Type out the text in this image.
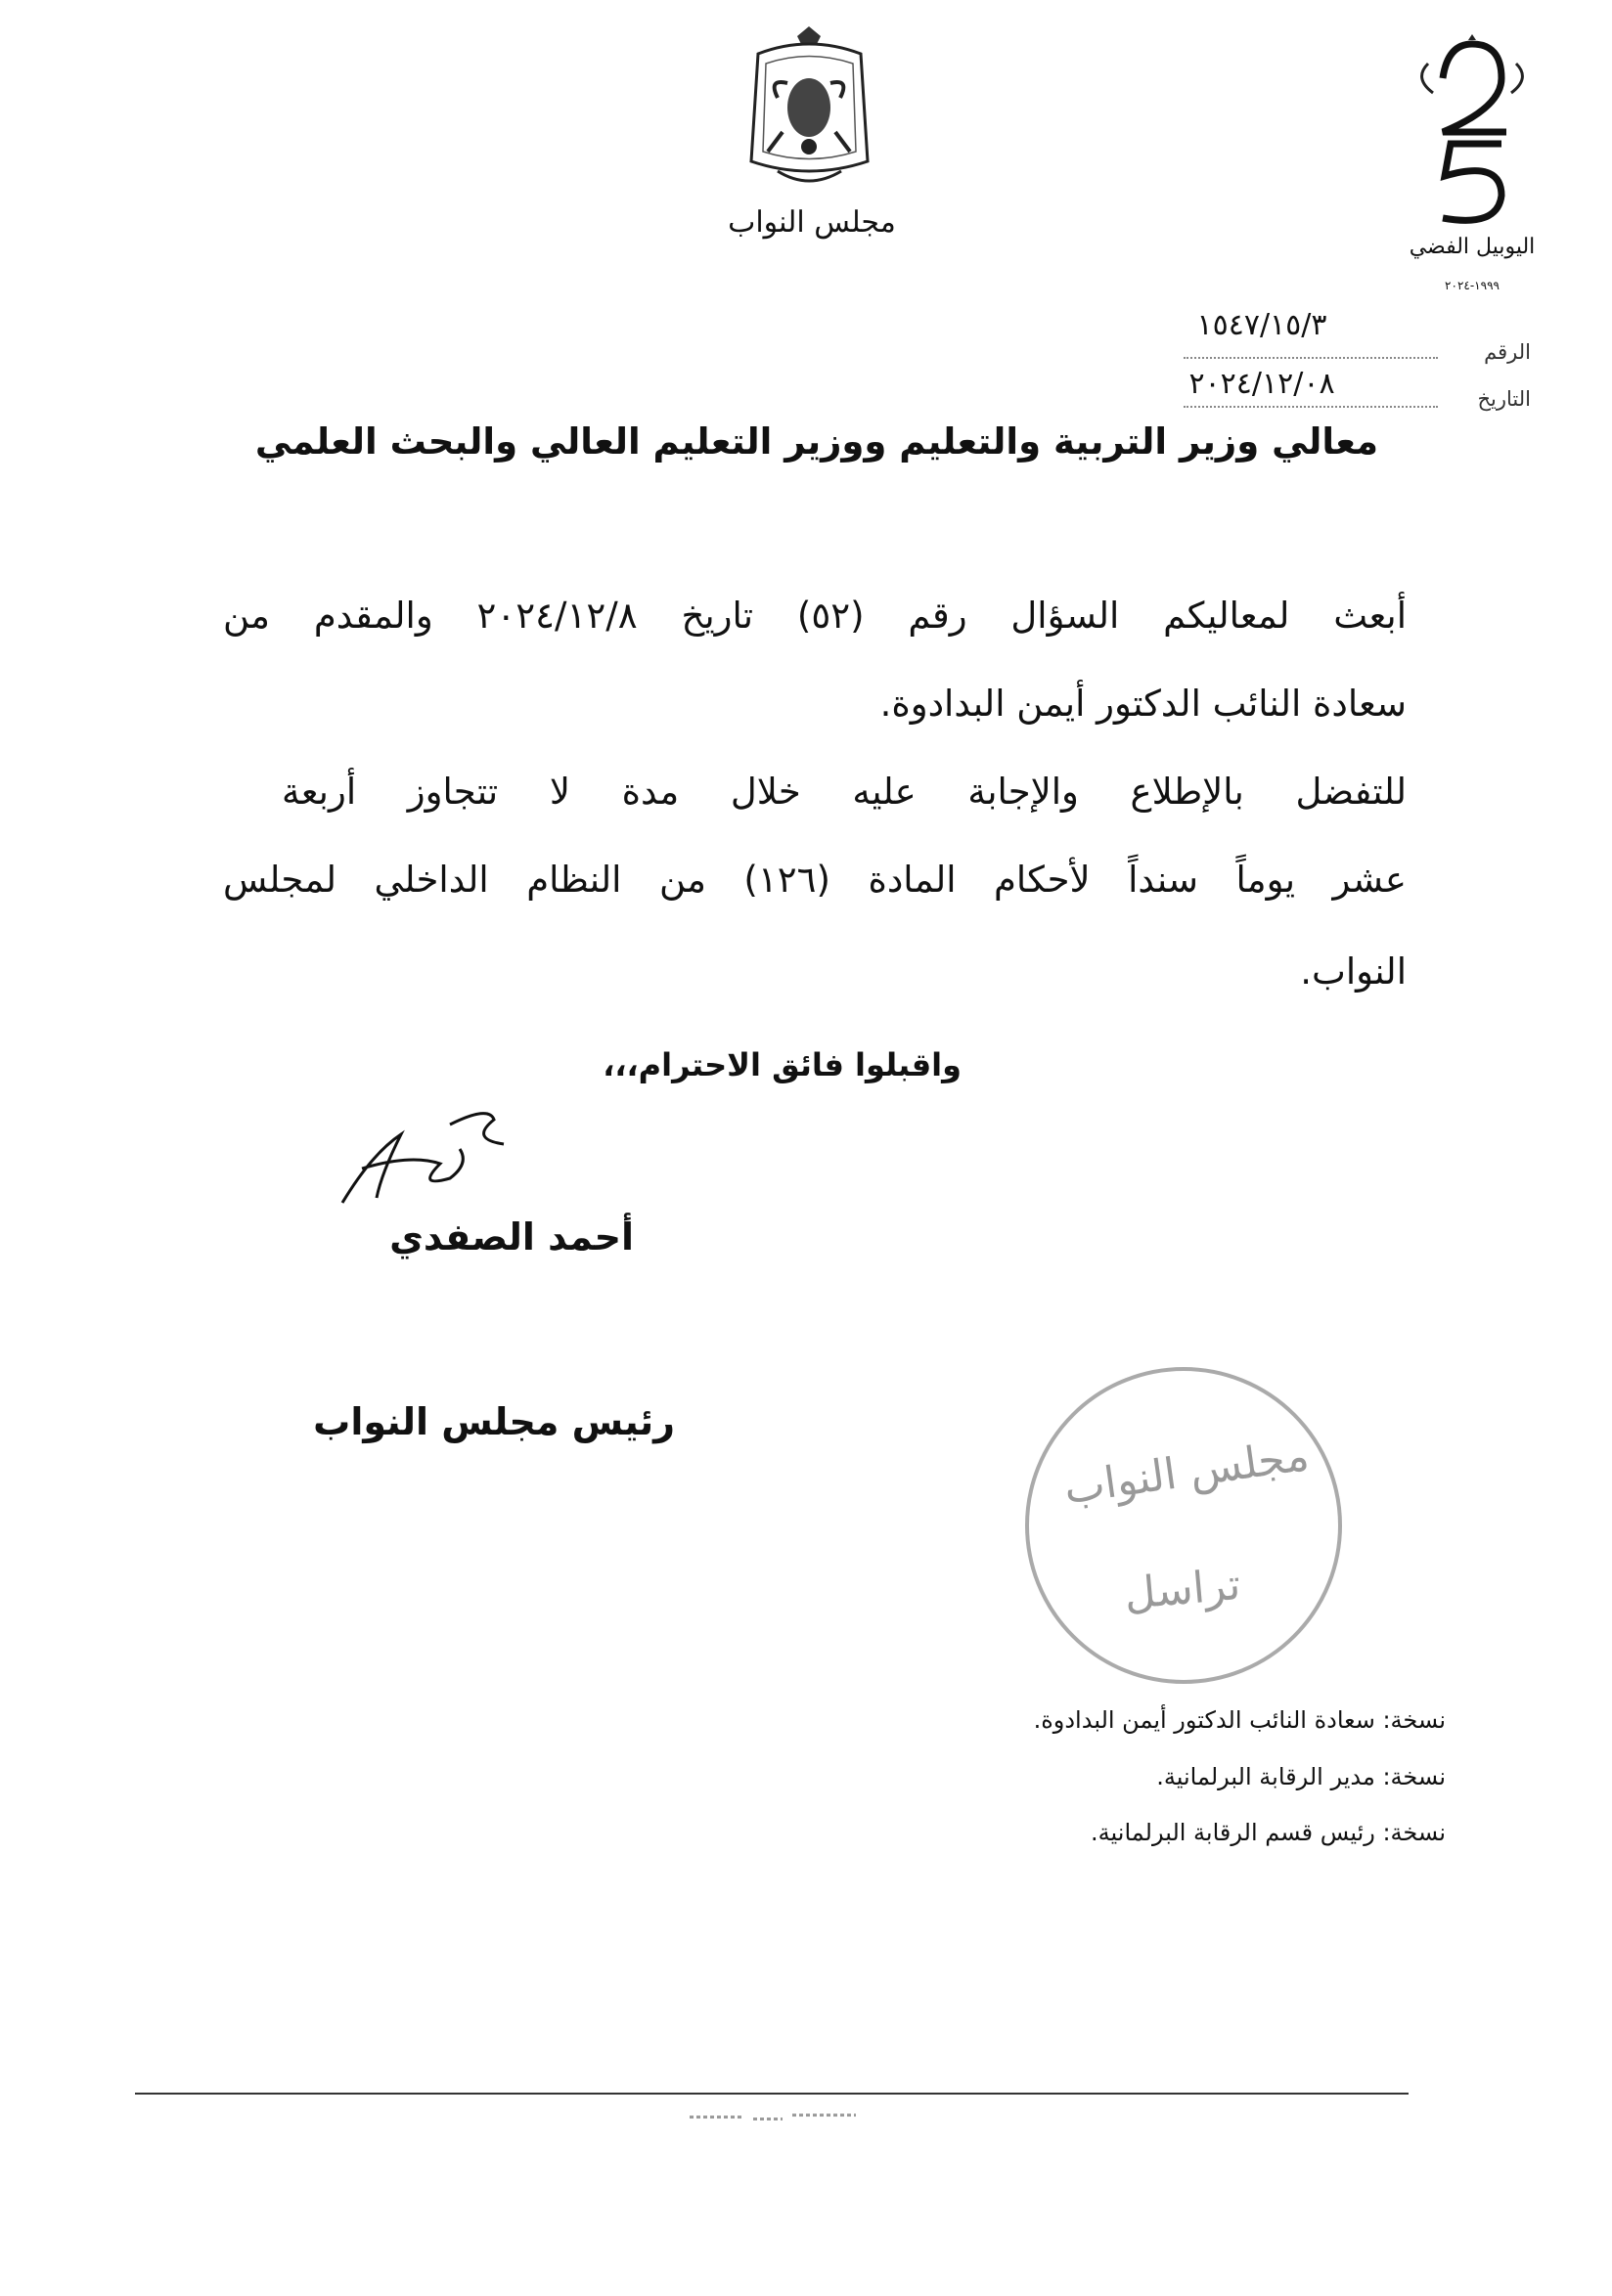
مجلس النواب
اليوبيل الفضي
١٩٩٩-٢٠٢٤
١٥٤٧/١٥/٣
الرقم
٢٠٢٤/١٢/٠٨	التاريخ
معالي وزير التربية والتعليم ووزير التعليم العالي والبحث العلمي
أبعث لمعاليكم السؤال رقم (٥٢) تاريخ ٢٠٢٤/١٢/٨ والمقدم من
سعادة النائب الدكتور أيمن البدادوة.
للتفضل بالإطلاع والإجابة عليه خلال مدة لا تتجاوز أربعة
عشر يوماً سنداً لأحكام المادة (١٢٦) من النظام الداخلي لمجلس
النواب.
واقبلوا فائق الاحترام،،،
أحمد الصفدي
رئيس مجلس النواب
مجلس النواب
تراسل
نسخة: سعادة النائب الدكتور أيمن البدادوة.
نسخة: مدير الرقابة البرلمانية.
نسخة: رئيس قسم الرقابة البرلمانية.
